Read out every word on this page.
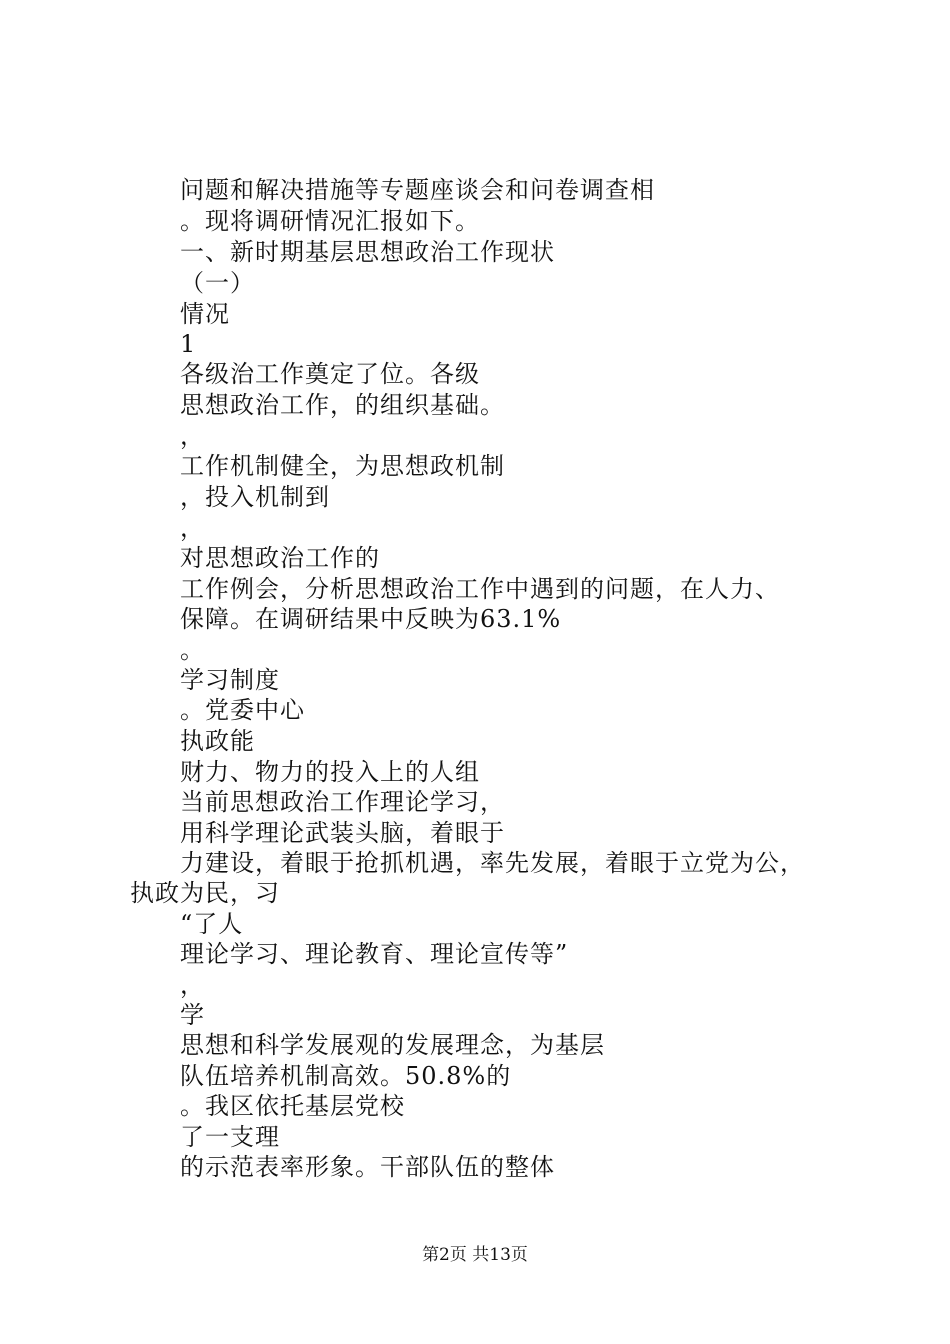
问题和解决措施等专题座谈会和问卷调查相
。现将调研情况汇报如下。
一、新时期基层思想政治工作现状
（一）
情况
1
各级治工作奠定了位。各级
思想政治工作，的组织基础。
，
工作机制健全，为思想政机制
，投入机制到
，
对思想政治工作的
工作例会，分析思想政治工作中遇到的问题，在人力、
保障。在调研结果中反映为63.1%
。
学习制度
。党委中心
执政能
财力、物力的投入上的人组
当前思想政治工作理论学习，
用科学理论武装头脑，着眼于
力建设，着眼于抢抓机遇，率先发展，着眼于立党为公，
执政为民，习
“了人
理论学习、理论教育、理论宣传等”
，
学
思想和科学发展观的发展理念，为基层
队伍培养机制高效。50.8%的
。我区依托基层党校
了一支理
的示范表率形象。干部队伍的整体
第2页 共13页
